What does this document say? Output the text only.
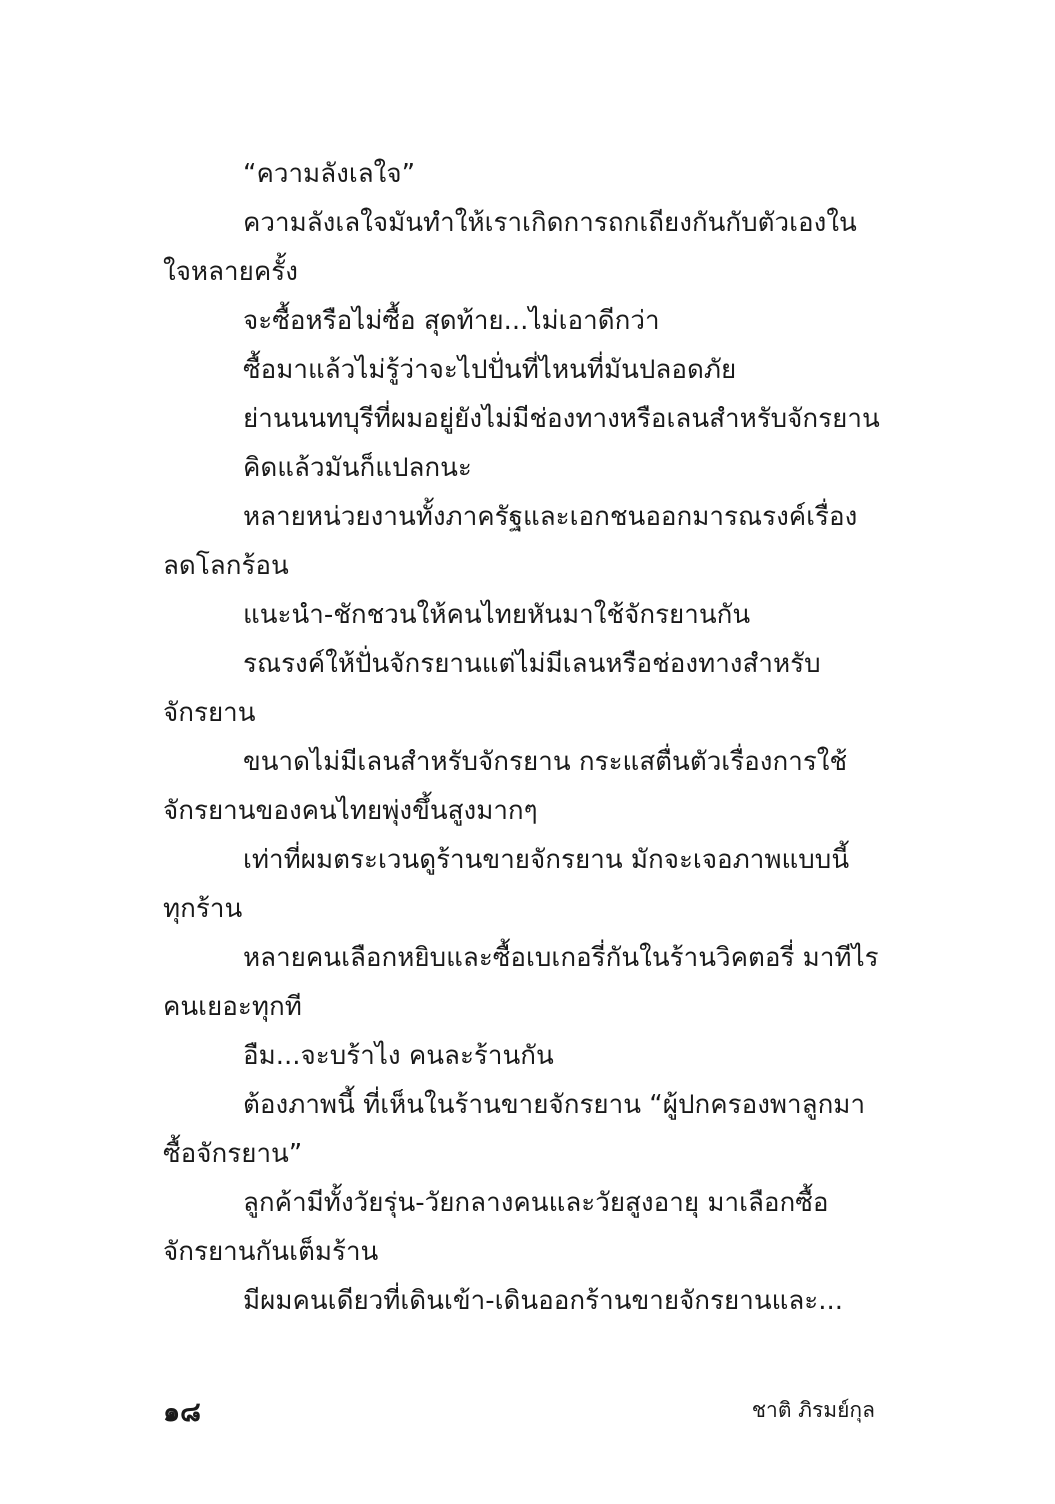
“ความลังเลใจ”
ความลังเลใจมันทำให้เราเกิดการถกเถียงกันกับตัวเองใน
ใจหลายครั้ง
จะซื้อหรือไม่ซื้อ สุดท้าย...ไม่เอาดีกว่า
ซื้อมาแล้วไม่รู้ว่าจะไปปั่นที่ไหนที่มันปลอดภัย
ย่านนนทบุรีที่ผมอยู่ยังไม่มีช่องทางหรือเลนสำหรับจักรยาน
คิดแล้วมันก็แปลกนะ
หลายหน่วยงานทั้งภาครัฐและเอกชนออกมารณรงค์เรื่อง
ลดโลกร้อน
แนะนำ-ชักชวนให้คนไทยหันมาใช้จักรยานกัน
รณรงค์ให้ปั่นจักรยานแต่ไม่มีเลนหรือช่องทางสำหรับ
จักรยาน
ขนาดไม่มีเลนสำหรับจักรยาน กระแสตื่นตัวเรื่องการใช้
จักรยานของคนไทยพุ่งขึ้นสูงมากๆ
เท่าที่ผมตระเวนดูร้านขายจักรยาน มักจะเจอภาพแบบนี้
ทุกร้าน
หลายคนเลือกหยิบและซื้อเบเกอรี่กันในร้านวิคตอรี่ มาทีไร
คนเยอะทุกที
อืม...จะบร้าไง คนละร้านกัน
ต้องภาพนี้ ที่เห็นในร้านขายจักรยาน “ผู้ปกครองพาลูกมา
ซื้อจักรยาน”
ลูกค้ามีทั้งวัยรุ่น-วัยกลางคนและวัยสูงอายุ มาเลือกซื้อ
จักรยานกันเต็มร้าน
มีผมคนเดียวที่เดินเข้า-เดินออกร้านขายจักรยานและ...
๑๘	ชาติ ภิรมย์กุล
